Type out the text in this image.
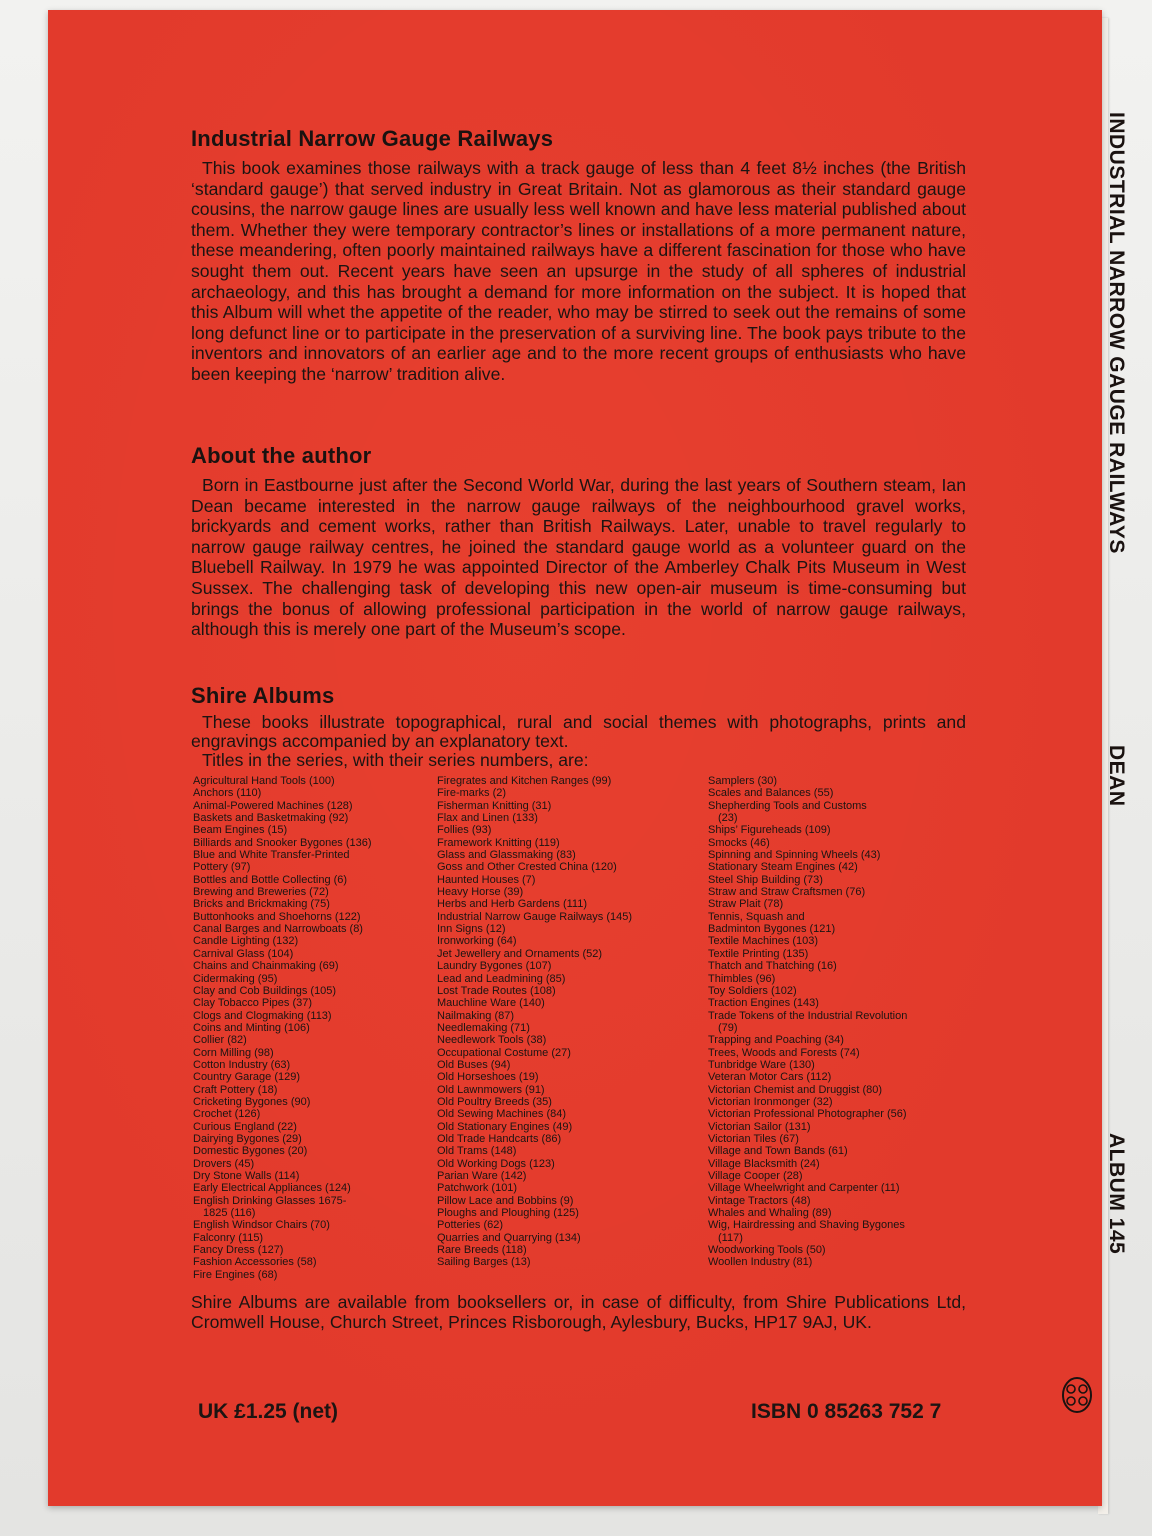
Industrial Narrow Gauge Railways

This book examines those railways with a track gauge of less than 4 feet 8½ inches (the British ‘standard gauge’) that served industry in Great Britain. Not as glamorous as their standard gauge cousins, the narrow gauge lines are usually less well known and have less material published about them. Whether they were temporary contractor’s lines or installations of a more permanent nature, these meandering, often poorly maintained railways have a different fascination for those who have sought them out. Recent years have seen an upsurge in the study of all spheres of industrial archaeology, and this has brought a demand for more information on the subject. It is hoped that this Album will whet the appetite of the reader, who may be stirred to seek out the remains of some long defunct line or to participate in the preservation of a surviving line. The book pays tribute to the inventors and innovators of an earlier age and to the more recent groups of enthusiasts who have been keeping the ‘narrow’ tradition alive.

About the author

Born in Eastbourne just after the Second World War, during the last years of Southern steam, Ian Dean became interested in the narrow gauge railways of the neighbourhood gravel works, brickyards and cement works, rather than British Railways. Later, unable to travel regularly to narrow gauge railway centres, he joined the standard gauge world as a volunteer guard on the Bluebell Railway. In 1979 he was appointed Director of the Amberley Chalk Pits Museum in West Sussex. The challenging task of developing this new open-air museum is time-consuming but brings the bonus of allowing professional participation in the world of narrow gauge railways, although this is merely one part of the Museum’s scope.

Shire Albums

These books illustrate topographical, rural and social themes with photographs, prints and engravings accompanied by an explanatory text.

Titles in the series, with their series numbers, are:

Agricultural Hand Tools (100)
Anchors (110)
Animal-Powered Machines (128)
Baskets and Basketmaking (92)
Beam Engines (15)
Billiards and Snooker Bygones (136)
Blue and White Transfer-Printed
Pottery (97)
Bottles and Bottle Collecting (6)
Brewing and Breweries (72)
Bricks and Brickmaking (75)
Buttonhooks and Shoehorns (122)
Canal Barges and Narrowboats (8)
Candle Lighting (132)
Carnival Glass (104)
Chains and Chainmaking (69)
Cidermaking (95)
Clay and Cob Buildings (105)
Clay Tobacco Pipes (37)
Clogs and Clogmaking (113)
Coins and Minting (106)
Collier (82)
Corn Milling (98)
Cotton Industry (63)
Country Garage (129)
Craft Pottery (18)
Cricketing Bygones (90)
Crochet (126)
Curious England (22)
Dairying Bygones (29)
Domestic Bygones (20)
Drovers (45)
Dry Stone Walls (114)
Early Electrical Appliances (124)
English Drinking Glasses 1675-
1825 (116)
English Windsor Chairs (70)
Falconry (115)
Fancy Dress (127)
Fashion Accessories (58)
Fire Engines (68)
Firegrates and Kitchen Ranges (99)
Fire-marks (2)
Fisherman Knitting (31)
Flax and Linen (133)
Follies (93)
Framework Knitting (119)
Glass and Glassmaking (83)
Goss and Other Crested China (120)
Haunted Houses (7)
Heavy Horse (39)
Herbs and Herb Gardens (111)
Industrial Narrow Gauge Railways (145)
Inn Signs (12)
Ironworking (64)
Jet Jewellery and Ornaments (52)
Laundry Bygones (107)
Lead and Leadmining (85)
Lost Trade Routes (108)
Mauchline Ware (140)
Nailmaking (87)
Needlemaking (71)
Needlework Tools (38)
Occupational Costume (27)
Old Buses (94)
Old Horseshoes (19)
Old Lawnmowers (91)
Old Poultry Breeds (35)
Old Sewing Machines (84)
Old Stationary Engines (49)
Old Trade Handcarts (86)
Old Trams (148)
Old Working Dogs (123)
Parian Ware (142)
Patchwork (101)
Pillow Lace and Bobbins (9)
Ploughs and Ploughing (125)
Potteries (62)
Quarries and Quarrying (134)
Rare Breeds (118)
Sailing Barges (13)
Samplers (30)
Scales and Balances (55)
Shepherding Tools and Customs
(23)
Ships’ Figureheads (109)
Smocks (46)
Spinning and Spinning Wheels (43)
Stationary Steam Engines (42)
Steel Ship Building (73)
Straw and Straw Craftsmen (76)
Straw Plait (78)
Tennis, Squash and
Badminton Bygones (121)
Textile Machines (103)
Textile Printing (135)
Thatch and Thatching (16)
Thimbles (96)
Toy Soldiers (102)
Traction Engines (143)
Trade Tokens of the Industrial Revolution
(79)
Trapping and Poaching (34)
Trees, Woods and Forests (74)
Tunbridge Ware (130)
Veteran Motor Cars (112)
Victorian Chemist and Druggist (80)
Victorian Ironmonger (32)
Victorian Professional Photographer (56)
Victorian Sailor (131)
Victorian Tiles (67)
Village and Town Bands (61)
Village Blacksmith (24)
Village Cooper (28)
Village Wheelwright and Carpenter (11)
Vintage Tractors (48)
Whales and Whaling (89)
Wig, Hairdressing and Shaving Bygones
(117)
Woodworking Tools (50)
Woollen Industry (81)

Shire Albums are available from booksellers or, in case of difficulty, from Shire Publications Ltd, Cromwell House, Church Street, Princes Risborough, Aylesbury, Bucks, HP17 9AJ, UK.

UK £1.25 (net)	ISBN 0 85263 752 7
INDUSTRIAL NARROW GAUGE RAILWAYS
DEAN
ALBUM 145
